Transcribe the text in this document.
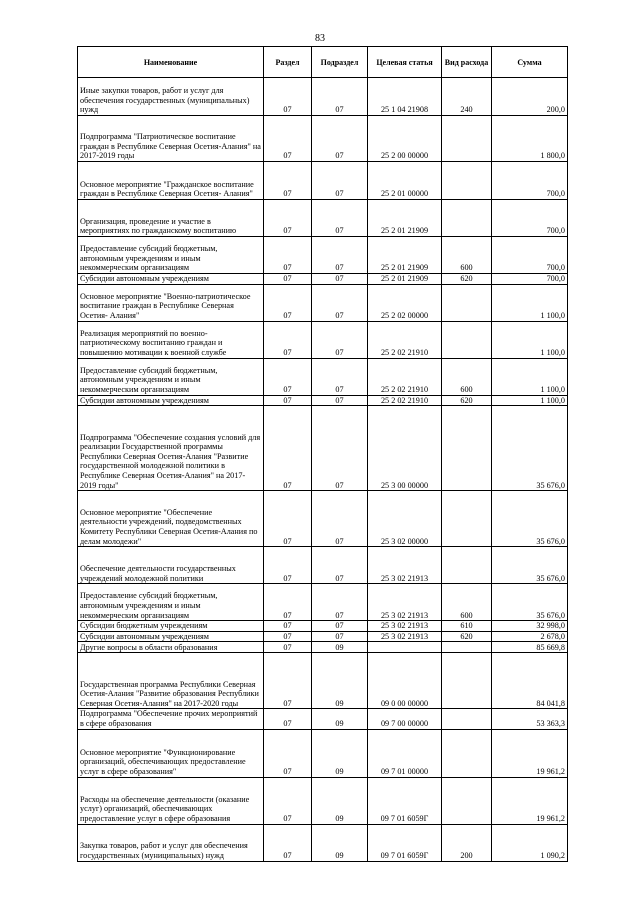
83
Наименование	Раздел	Подраздел	Целевая статья	Вид расхода	Сумма
Иные закупки товаров, работ и услуг для обеспечения государственных (муниципальных) нужд	07	07	25 1 04 21908	240	200,0
Подпрограмма "Патриотическое воспитание граждан в Республике Северная Осетия-Алания" на 2017-2019 годы	07	07	25 2 00 00000		1 800,0
Основное мероприятие "Гражданское воспитание граждан в Республике Северная Осетия- Алания"	07	07	25 2 01 00000		700,0
Организация, проведение и участие в мероприятиях по гражданскому воспитанию	07	07	25 2 01 21909		700,0
Предоставление субсидий бюджетным, автономным учреждениям и иным некоммерческим организациям	07	07	25 2 01 21909	600	700,0
Субсидии автономным учреждениям	07	07	25 2 01 21909	620	700,0
Основное мероприятие "Военно-патриотическое воспитание граждан в Республике Северная Осетия- Алания"	07	07	25 2 02 00000		1 100,0
Реализация мероприятий по военно-патриотическому воспитанию граждан и повышению мотивации к военной службе	07	07	25 2 02 21910		1 100,0
Предоставление субсидий бюджетным, автономным учреждениям и иным некоммерческим организациям	07	07	25 2 02 21910	600	1 100,0
Субсидии автономным учреждениям	07	07	25 2 02 21910	620	1 100,0
Подпрограмма "Обеспечение создания условий для реализации Государственной программы Республики Северная Осетия-Алания "Развитие государственной молодежной политики в Республике Северная Осетия-Алания" на 2017-2019 годы"	07	07	25 3 00 00000		35 676,0
Основное мероприятие "Обеспечение деятельности учреждений, подведомственных Комитету Республики Северная Осетия-Алания по делам молодежи"	07	07	25 3 02 00000		35 676,0
Обеспечение деятельности государственных учреждений молодежной политики	07	07	25 3 02 21913		35 676,0
Предоставление субсидий бюджетным, автономным учреждениям и иным некоммерческим организациям	07	07	25 3 02 21913	600	35 676,0
Субсидии бюджетным учреждениям	07	07	25 3 02 21913	610	32 998,0
Субсидии автономным учреждениям	07	07	25 3 02 21913	620	2 678,0
Другие вопросы в области образования	07	09			85 669,8
Государственная программа Республики Северная Осетия-Алания "Развитие образования Республики Северная Осетия-Алания" на 2017-2020 годы	07	09	09 0 00 00000		84 041,8
Подпрограмма "Обеспечение прочих мероприятий в сфере образования	07	09	09 7 00 00000		53 363,3
Основное мероприятие "Функционирование организаций, обеспечивающих предоставление услуг в сфере образования"	07	09	09 7 01 00000		19 961,2
Расходы на обеспечение деятельности (оказание услуг) организаций, обеспечивающих предоставление услуг в сфере образования	07	09	09 7 01 6059Г		19 961,2
Закупка товаров, работ и услуг для обеспечения государственных (муниципальных) нужд	07	09	09 7 01 6059Г	200	1 090,2
